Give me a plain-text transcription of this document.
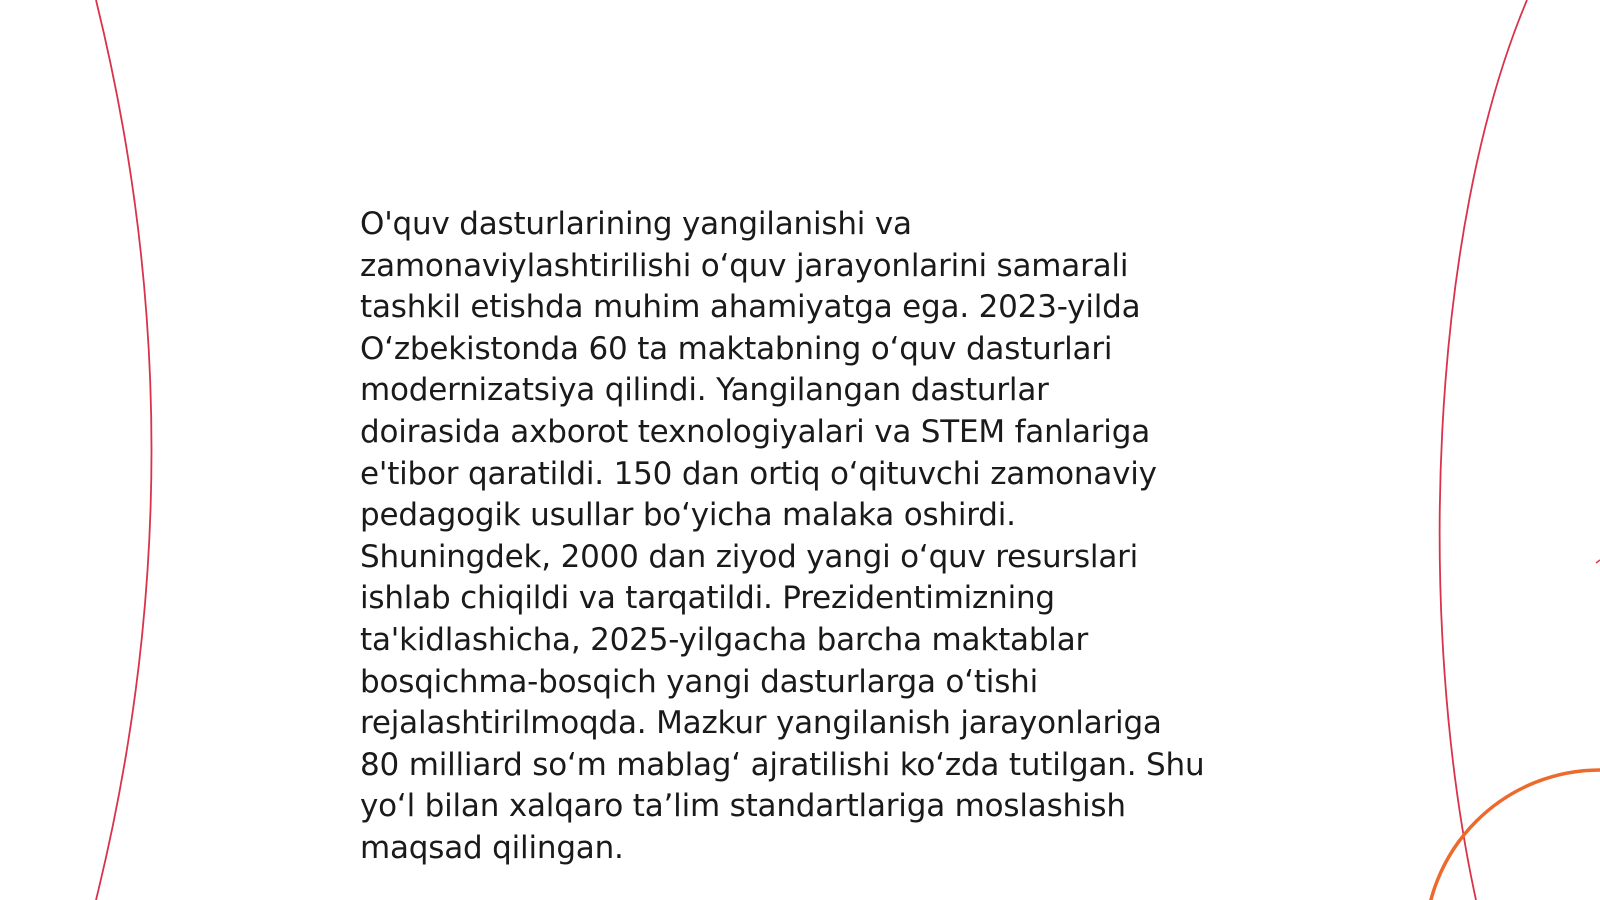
O'quv dasturlarining yangilanishi va
zamonaviylashtirilishi o‘quv jarayonlarini samarali
tashkil etishda muhim ahamiyatga ega. 2023-yilda
O‘zbekistonda 60 ta maktabning o‘quv dasturlari
modernizatsiya qilindi. Yangilangan dasturlar
doirasida axborot texnologiyalari va STEM fanlariga
e'tibor qaratildi. 150 dan ortiq o‘qituvchi zamonaviy
pedagogik usullar bo‘yicha malaka oshirdi.
Shuningdek, 2000 dan ziyod yangi o‘quv resurslari
ishlab chiqildi va tarqatildi. Prezidentimizning
ta'kidlashicha, 2025-yilgacha barcha maktablar
bosqichma-bosqich yangi dasturlarga o‘tishi
rejalashtirilmoqda. Mazkur yangilanish jarayonlariga
80 milliard so‘m mablag‘ ajratilishi ko‘zda tutilgan. Shu
yo‘l bilan xalqaro ta’lim standartlariga moslashish
maqsad qilingan.
